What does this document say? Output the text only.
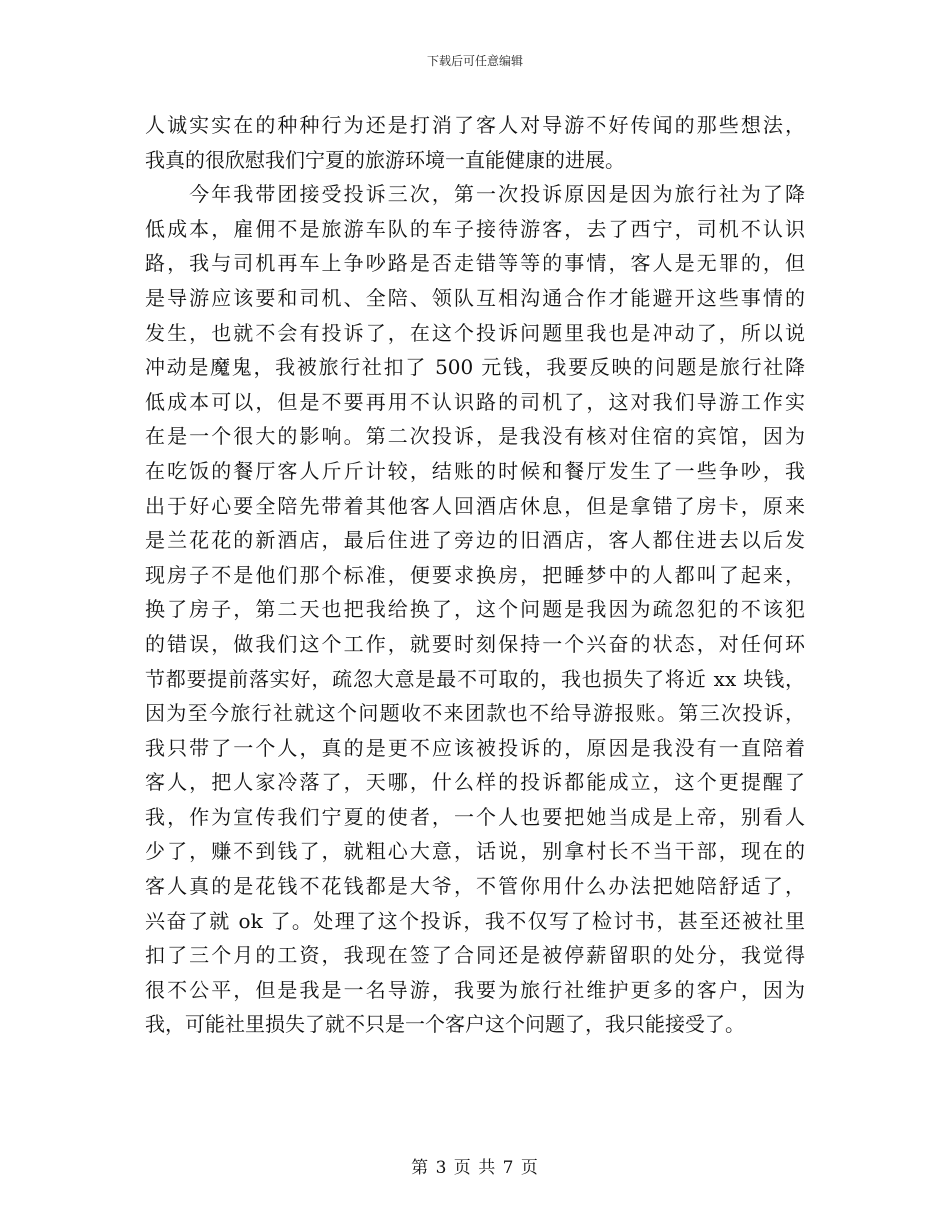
下载后可任意编辑
人诚实实在的种种行为还是打消了客人对导游不好传闻的那些想法，
我真的很欣慰我们宁夏的旅游环境一直能健康的进展。
　　今年我带团接受投诉三次，第一次投诉原因是因为旅行社为了降
低成本，雇佣不是旅游车队的车子接待游客，去了西宁，司机不认识
路，我与司机再车上争吵路是否走错等等的事情，客人是无罪的，但
是导游应该要和司机、全陪、领队互相沟通合作才能避开这些事情的
发生，也就不会有投诉了，在这个投诉问题里我也是冲动了，所以说
冲动是魔鬼，我被旅行社扣了 500 元钱，我要反映的问题是旅行社降
低成本可以，但是不要再用不认识路的司机了，这对我们导游工作实
在是一个很大的影响。第二次投诉，是我没有核对住宿的宾馆，因为
在吃饭的餐厅客人斤斤计较，结账的时候和餐厅发生了一些争吵，我
出于好心要全陪先带着其他客人回酒店休息，但是拿错了房卡，原来
是兰花花的新酒店，最后住进了旁边的旧酒店，客人都住进去以后发
现房子不是他们那个标准，便要求换房，把睡梦中的人都叫了起来，
换了房子，第二天也把我给换了，这个问题是我因为疏忽犯的不该犯
的错误，做我们这个工作，就要时刻保持一个兴奋的状态，对任何环
节都要提前落实好，疏忽大意是最不可取的，我也损失了将近 xx 块钱，
因为至今旅行社就这个问题收不来团款也不给导游报账。第三次投诉，
我只带了一个人，真的是更不应该被投诉的，原因是我没有一直陪着
客人，把人家冷落了，天哪，什么样的投诉都能成立，这个更提醒了
我，作为宣传我们宁夏的使者，一个人也要把她当成是上帝，别看人
少了，赚不到钱了，就粗心大意，话说，别拿村长不当干部，现在的
客人真的是花钱不花钱都是大爷，不管你用什么办法把她陪舒适了，
兴奋了就 ok 了。处理了这个投诉，我不仅写了检讨书，甚至还被社里
扣了三个月的工资，我现在签了合同还是被停薪留职的处分，我觉得
很不公平，但是我是一名导游，我要为旅行社维护更多的客户，因为
我，可能社里损失了就不只是一个客户这个问题了，我只能接受了。
第 3 页 共 7 页
